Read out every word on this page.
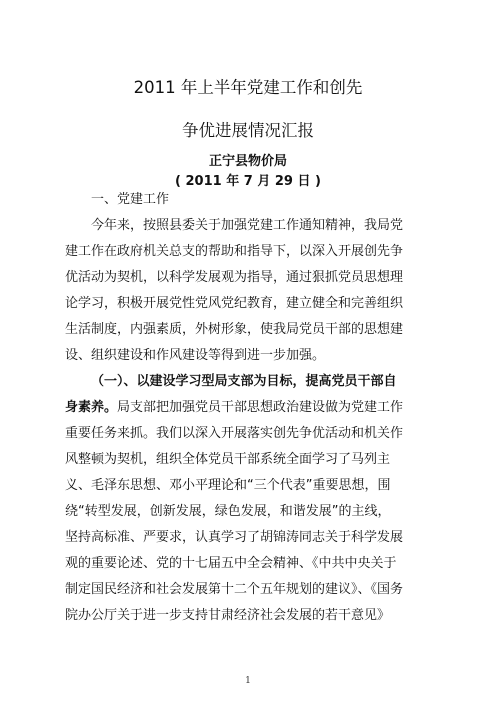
2011 年上半年党建工作和创先
争优进展情况汇报
正宁县物价局
( 2011 年 7 月 29 日 )
一、党建工作
今年来，按照县委关于加强党建工作通知精神，我局党
建工作在政府机关总支的帮助和指导下，以深入开展创先争
优活动为契机，以科学发展观为指导，通过狠抓党员思想理
论学习，积极开展党性党风党纪教育，建立健全和完善组织
生活制度，内强素质，外树形象，使我局党员干部的思想建
设、组织建设和作风建设等得到进一步加强。
（一）、以建设学习型局支部为目标，提高党员干部自
身素养。局支部把加强党员干部思想政治建设做为党建工作
重要任务来抓。我们以深入开展落实创先争优活动和机关作
风整顿为契机，组织全体党员干部系统全面学习了马列主
义、毛泽东思想、邓小平理论和“三个代表”重要思想，围
绕“转型发展，创新发展，绿色发展，和谐发展”的主线，
坚持高标准、严要求，认真学习了胡锦涛同志关于科学发展
观的重要论述、党的十七届五中全会精神、《中共中央关于
制定国民经济和社会发展第十二个五年规划的建议》、《国务
院办公厅关于进一步支持甘肃经济社会发展的若干意见》
1
